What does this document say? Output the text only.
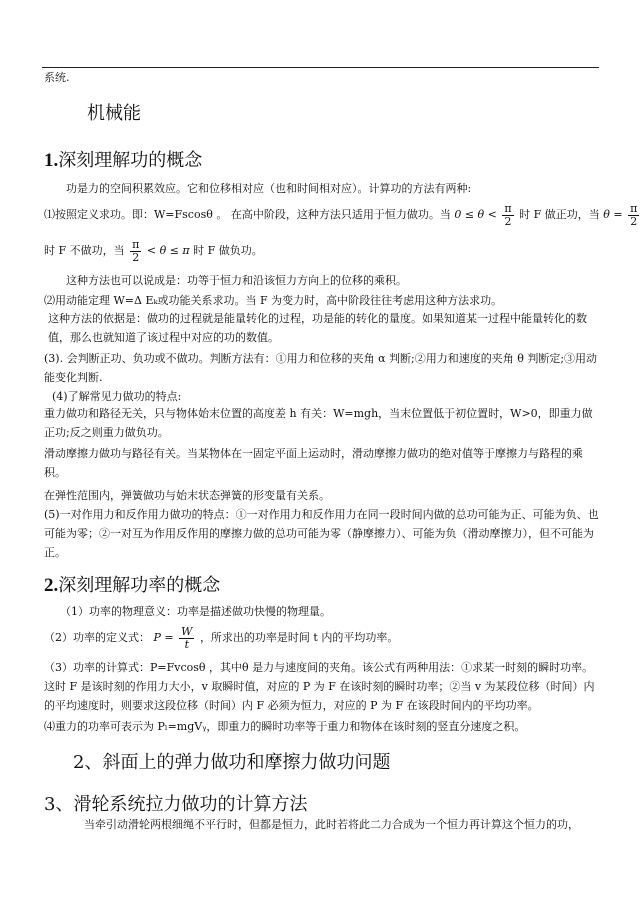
系统.
机械能
1.深刻理解功的概念
功是力的空间积累效应。它和位移相对应（也和时间相对应）。计算功的方法有两种:
⑴按照定义求功。即：W=Fscosθ 。 在高中阶段，这种方法只适用于恒力做功。当 $0 \le \theta < \frac{\pi}{2}$ 时 F 做正功，当 $\theta = \frac{\pi}{2}$
时 F 不做功，当 $\frac{\pi}{2} < \theta \le \pi$ 时 F 做负功。
这种方法也可以说成是：功等于恒力和沿该恒力方向上的位移的乘积。
⑵用动能定理 W=Δ Eₖ或功能关系求功。当 F 为变力时，高中阶段往往考虑用这种方法求功。
这种方法的依据是：做功的过程就是能量转化的过程，功是能的转化的量度。如果知道某一过程中能量转化的数值，那么也就知道了该过程中对应的功的数值。
(3). 会判断正功、负功或不做功。判断方法有：①用力和位移的夹角 α 判断;②用力和速度的夹角 θ 判断定;③用动能变化判断.
(4)了解常见力做功的特点:
重力做功和路径无关，只与物体始末位置的高度差 h 有关：W=mgh，当末位置低于初位置时，W>0，即重力做正功;反之则重力做负功。
滑动摩擦力做功与路径有关。当某物体在一固定平面上运动时，滑动摩擦力做功的绝对值等于摩擦力与路程的乘积。
在弹性范围内，弹簧做功与始末状态弹簧的形变量有关系。
(5)一对作用力和反作用力做功的特点：①一对作用力和反作用力在同一段时间内做的总功可能为正、可能为负、也可能为零；②一对互为作用反作用的摩擦力做的总功可能为零（静摩擦力）、可能为负（滑动摩擦力），但不可能为正。
2.深刻理解功率的概念
（1）功率的物理意义：功率是描述做功快慢的物理量。
（2）功率的定义式： $P = \frac{W}{t}$ ，所求出的功率是时间 t 内的平均功率。
（3）功率的计算式：P=Fvcosθ ，其中θ 是力与速度间的夹角。该公式有两种用法：①求某一时刻的瞬时功率。这时 F 是该时刻的作用力大小，v 取瞬时值，对应的 P 为 F 在该时刻的瞬时功率；②当 v 为某段位移（时间）内的平均速度时，则要求这段位移（时间）内 F 必须为恒力，对应的 P 为 F 在该段时间内的平均功率。
⑷重力的功率可表示为 Pₗ=mgVᵧ，即重力的瞬时功率等于重力和物体在该时刻的竖直分速度之积。
2、斜面上的弹力做功和摩擦力做功问题
3、滑轮系统拉力做功的计算方法
当牵引动滑轮两根细绳不平行时，但都是恒力，此时若将此二力合成为一个恒力再计算这个恒力的功，
